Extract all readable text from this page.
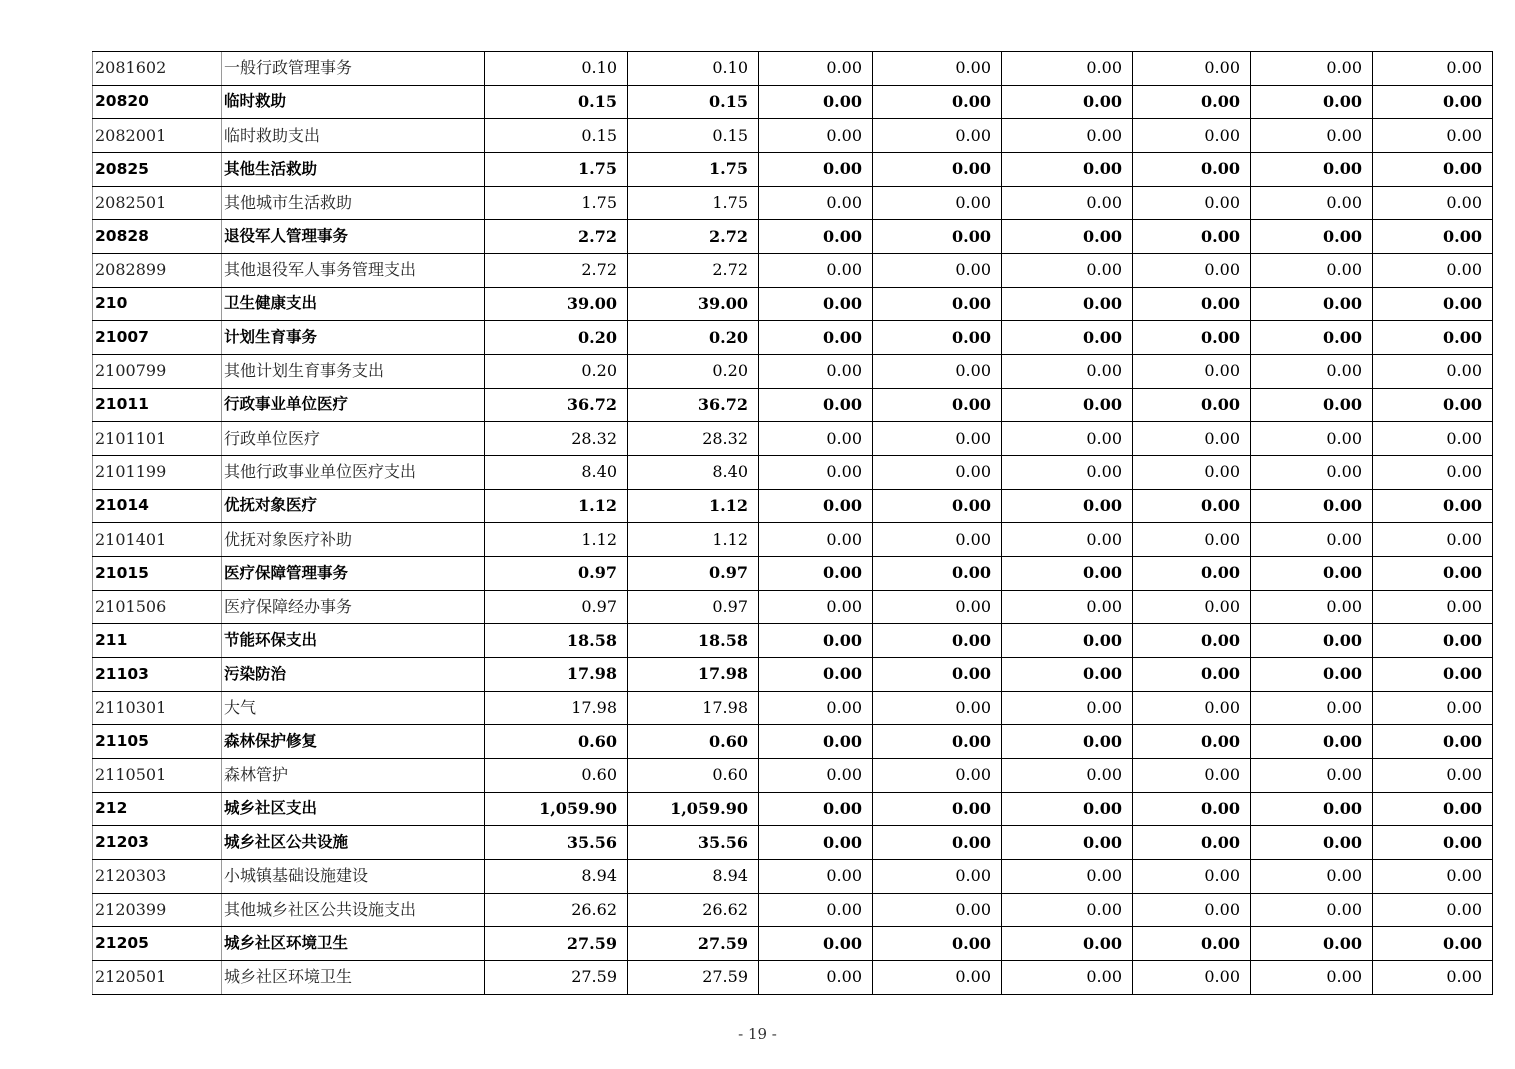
2081602	一般行政管理事务	0.10	0.10	0.00	0.00	0.00	0.00	0.00	0.00
20820	临时救助	0.15	0.15	0.00	0.00	0.00	0.00	0.00	0.00
2082001	临时救助支出	0.15	0.15	0.00	0.00	0.00	0.00	0.00	0.00
20825	其他生活救助	1.75	1.75	0.00	0.00	0.00	0.00	0.00	0.00
2082501	其他城市生活救助	1.75	1.75	0.00	0.00	0.00	0.00	0.00	0.00
20828	退役军人管理事务	2.72	2.72	0.00	0.00	0.00	0.00	0.00	0.00
2082899	其他退役军人事务管理支出	2.72	2.72	0.00	0.00	0.00	0.00	0.00	0.00
210	卫生健康支出	39.00	39.00	0.00	0.00	0.00	0.00	0.00	0.00
21007	计划生育事务	0.20	0.20	0.00	0.00	0.00	0.00	0.00	0.00
2100799	其他计划生育事务支出	0.20	0.20	0.00	0.00	0.00	0.00	0.00	0.00
21011	行政事业单位医疗	36.72	36.72	0.00	0.00	0.00	0.00	0.00	0.00
2101101	行政单位医疗	28.32	28.32	0.00	0.00	0.00	0.00	0.00	0.00
2101199	其他行政事业单位医疗支出	8.40	8.40	0.00	0.00	0.00	0.00	0.00	0.00
21014	优抚对象医疗	1.12	1.12	0.00	0.00	0.00	0.00	0.00	0.00
2101401	优抚对象医疗补助	1.12	1.12	0.00	0.00	0.00	0.00	0.00	0.00
21015	医疗保障管理事务	0.97	0.97	0.00	0.00	0.00	0.00	0.00	0.00
2101506	医疗保障经办事务	0.97	0.97	0.00	0.00	0.00	0.00	0.00	0.00
211	节能环保支出	18.58	18.58	0.00	0.00	0.00	0.00	0.00	0.00
21103	污染防治	17.98	17.98	0.00	0.00	0.00	0.00	0.00	0.00
2110301	大气	17.98	17.98	0.00	0.00	0.00	0.00	0.00	0.00
21105	森林保护修复	0.60	0.60	0.00	0.00	0.00	0.00	0.00	0.00
2110501	森林管护	0.60	0.60	0.00	0.00	0.00	0.00	0.00	0.00
212	城乡社区支出	1,059.90	1,059.90	0.00	0.00	0.00	0.00	0.00	0.00
21203	城乡社区公共设施	35.56	35.56	0.00	0.00	0.00	0.00	0.00	0.00
2120303	小城镇基础设施建设	8.94	8.94	0.00	0.00	0.00	0.00	0.00	0.00
2120399	其他城乡社区公共设施支出	26.62	26.62	0.00	0.00	0.00	0.00	0.00	0.00
21205	城乡社区环境卫生	27.59	27.59	0.00	0.00	0.00	0.00	0.00	0.00
2120501	城乡社区环境卫生	27.59	27.59	0.00	0.00	0.00	0.00	0.00	0.00
- 19 -
